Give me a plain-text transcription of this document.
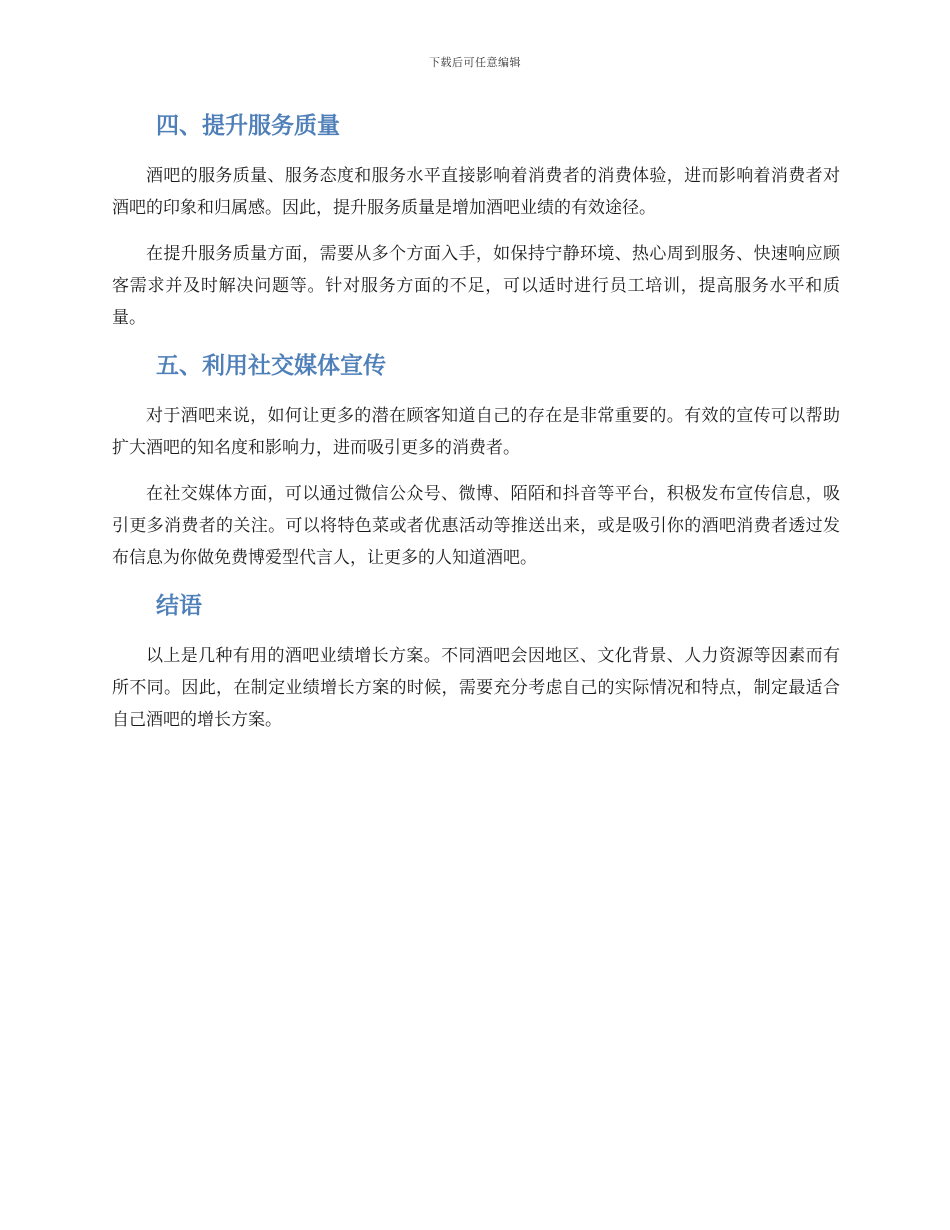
下载后可任意编辑
四、提升服务质量

酒吧的服务质量、服务态度和服务水平直接影响着消费者的消费体验，进而影响着消费者对酒吧的印象和归属感。因此，提升服务质量是增加酒吧业绩的有效途径。

在提升服务质量方面，需要从多个方面入手，如保持宁静环境、热心周到服务、快速响应顾客需求并及时解决问题等。针对服务方面的不足，可以适时进行员工培训，提高服务水平和质量。

五、利用社交媒体宣传

对于酒吧来说，如何让更多的潜在顾客知道自己的存在是非常重要的。有效的宣传可以帮助扩大酒吧的知名度和影响力，进而吸引更多的消费者。

在社交媒体方面，可以通过微信公众号、微博、陌陌和抖音等平台，积极发布宣传信息，吸引更多消费者的关注。可以将特色菜或者优惠活动等推送出来，或是吸引你的酒吧消费者透过发布信息为你做免费博爱型代言人，让更多的人知道酒吧。

结语

以上是几种有用的酒吧业绩增长方案。不同酒吧会因地区、文化背景、人力资源等因素而有所不同。因此，在制定业绩增长方案的时候，需要充分考虑自己的实际情况和特点，制定最适合自己酒吧的增长方案。
